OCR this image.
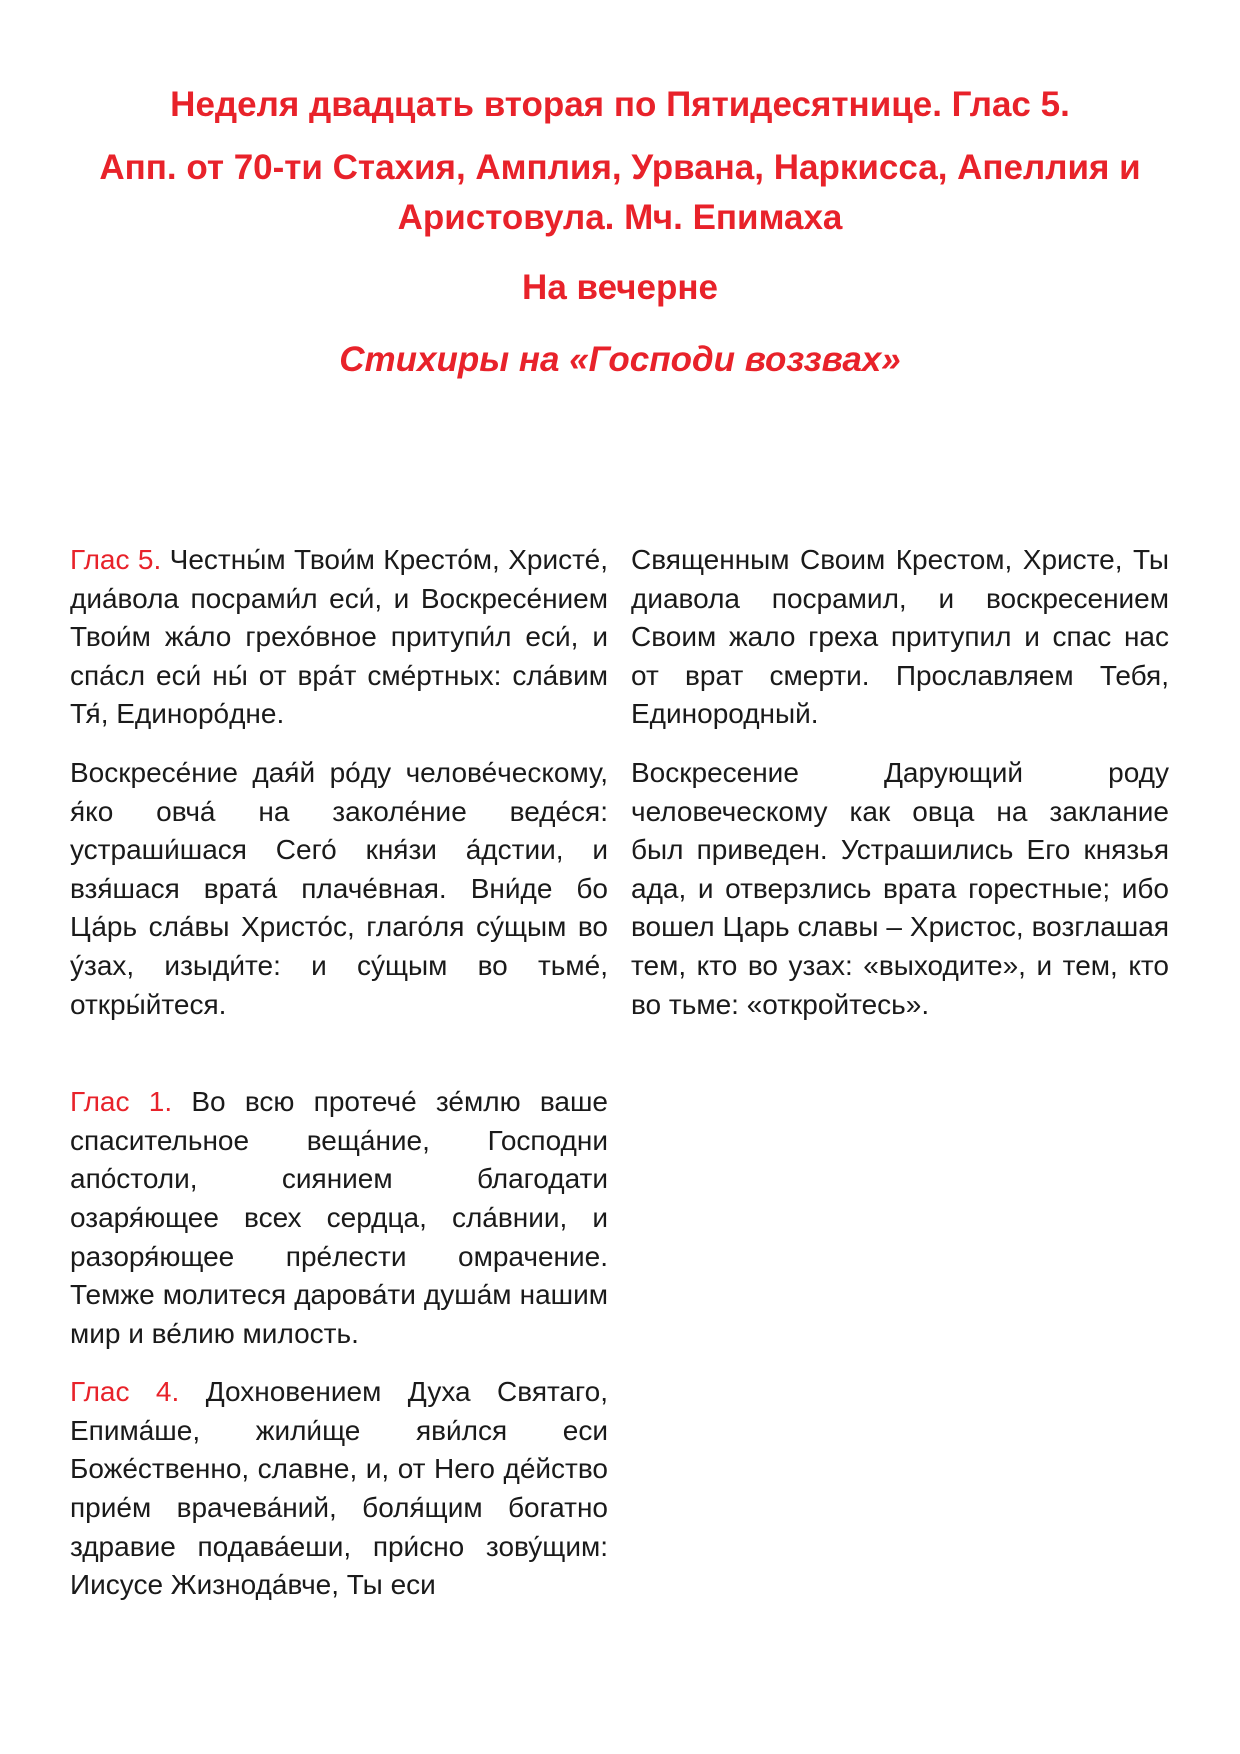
Неделя двадцать вторая по Пятидесятнице. Глас 5.

Апп. от 70-ти Стахия, Амплия, Урвана, Наркисса, Апеллия и Аристовула. Мч. Епимаха

На вечерне

Стихиры на «Господи воззвах»

Глас 5. Честны́м Твои́м Кресто́м, Христе́, диа́вола посрами́л еси́, и Воскресе́нием Твои́м жа́ло грехо́вное притупи́л еси́, и спа́сл еси́ ны́ от вра́т сме́ртных: сла́вим Тя́, Единоро́дне.

Воскресе́ние дая́й ро́ду челове́ческому, я́ко овча́ на заколе́ние веде́ся: устраши́шася Сего́ кня́зи а́дстии, и взя́шася врата́ плаче́вная. Вни́де бо Ца́рь сла́вы Христо́с, глаго́ля су́щым во у́зах, изыди́те: и су́щым во тьме́, откры́йтеся.

Глас 1. Во всю протече́ зе́млю ваше спасительное веща́ние, Господни апо́столи, сиянием благодати озаря́ющее всех сердца, сла́внии, и разоря́ющее пре́лести омрачение. Темже молитеся дарова́ти душа́м нашим мир и ве́лию милость.

Глас 4. Дохновением Духа Святаго, Епима́ше, жили́ще яви́лся еси Боже́ственно, славне, и, от Него де́йство прие́м врачева́ний, боля́щим богатно здравие подава́еши, при́сно зову́щим: Иисусе Жизнода́вче, Ты еси

Священным Своим Крестом, Христе, Ты диавола посрамил, и воскресением Своим жало греха притупил и спас нас от врат смерти. Прославляем Тебя, Единородный.

Воскресение Дарующий роду человеческому как овца на заклание был приведен. Устрашились Его князья ада, и отверзлись врата горестные; ибо вошел Царь славы – Христос, возглашая тем, кто во узах: «выходите», и тем, кто во тьме: «откройтесь».
